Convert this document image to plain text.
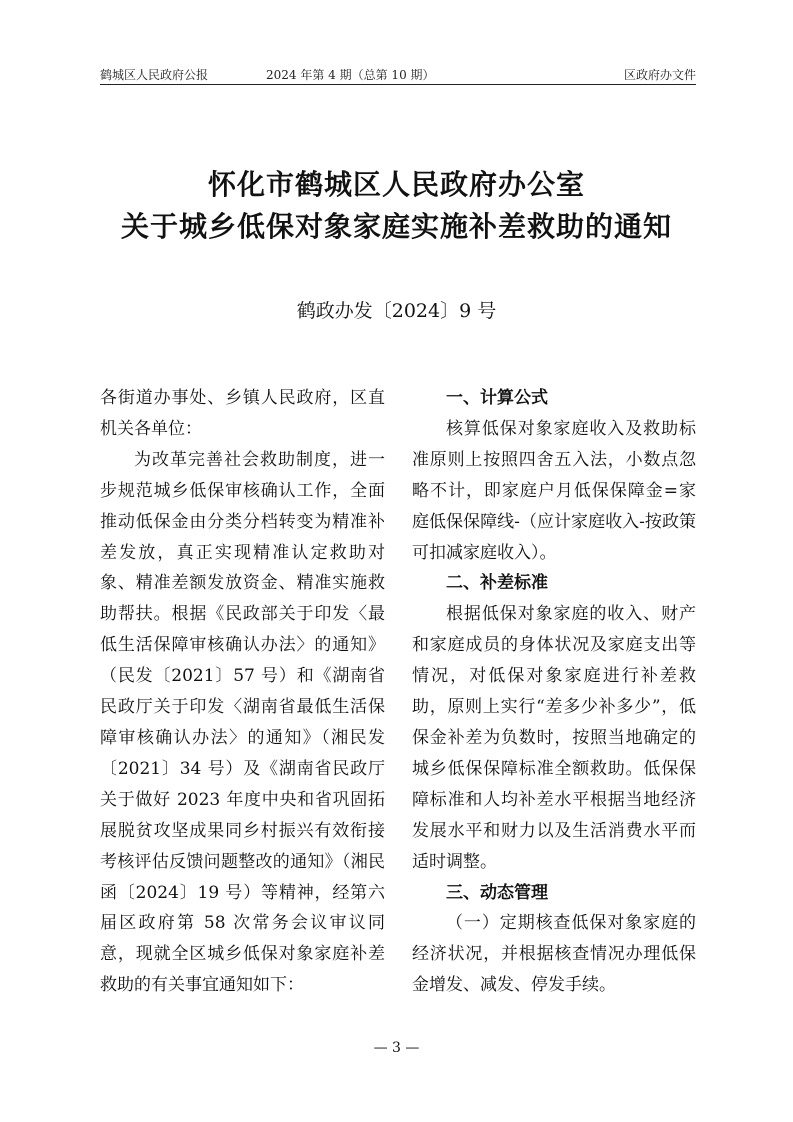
鹤城区人民政府公报	2024 年第 4 期（总第 10 期）	区政府办文件
怀化市鹤城区人民政府办公室
关于城乡低保对象家庭实施补差救助的通知
鹤政办发〔2024〕9 号

各街道办事处、乡镇人民政府，区直机关各单位：

为改革完善社会救助制度，进一步规范城乡低保审核确认工作，全面推动低保金由分类分档转变为精准补差发放，真正实现精准认定救助对象、精准差额发放资金、精准实施救助帮扶。根据《民政部关于印发〈最低生活保障审核确认办法〉的通知》（民发〔2021〕57 号）和《湖南省民政厅关于印发〈湖南省最低生活保障审核确认办法〉的通知》（湘民发〔2021〕34 号）及《湖南省民政厅关于做好 2023 年度中央和省巩固拓展脱贫攻坚成果同乡村振兴有效衔接考核评估反馈问题整改的通知》（湘民函〔2024〕19 号）等精神，经第六届区政府第 58 次常务会议审议同意，现就全区城乡低保对象家庭补差救助的有关事宜通知如下：

一、计算公式

核算低保对象家庭收入及救助标准原则上按照四舍五入法，小数点忽略不计，即家庭户月低保保障金=家庭低保保障线-（应计家庭收入-按政策可扣减家庭收入）。

二、补差标准

根据低保对象家庭的收入、财产和家庭成员的身体状况及家庭支出等情况，对低保对象家庭进行补差救助，原则上实行“差多少补多少”，低保金补差为负数时，按照当地确定的城乡低保保障标准全额救助。低保保障标准和人均补差水平根据当地经济发展水平和财力以及生活消费水平而适时调整。

三、动态管理

（一）定期核查低保对象家庭的经济状况，并根据核查情况办理低保金增发、减发、停发手续。

— 3 —
